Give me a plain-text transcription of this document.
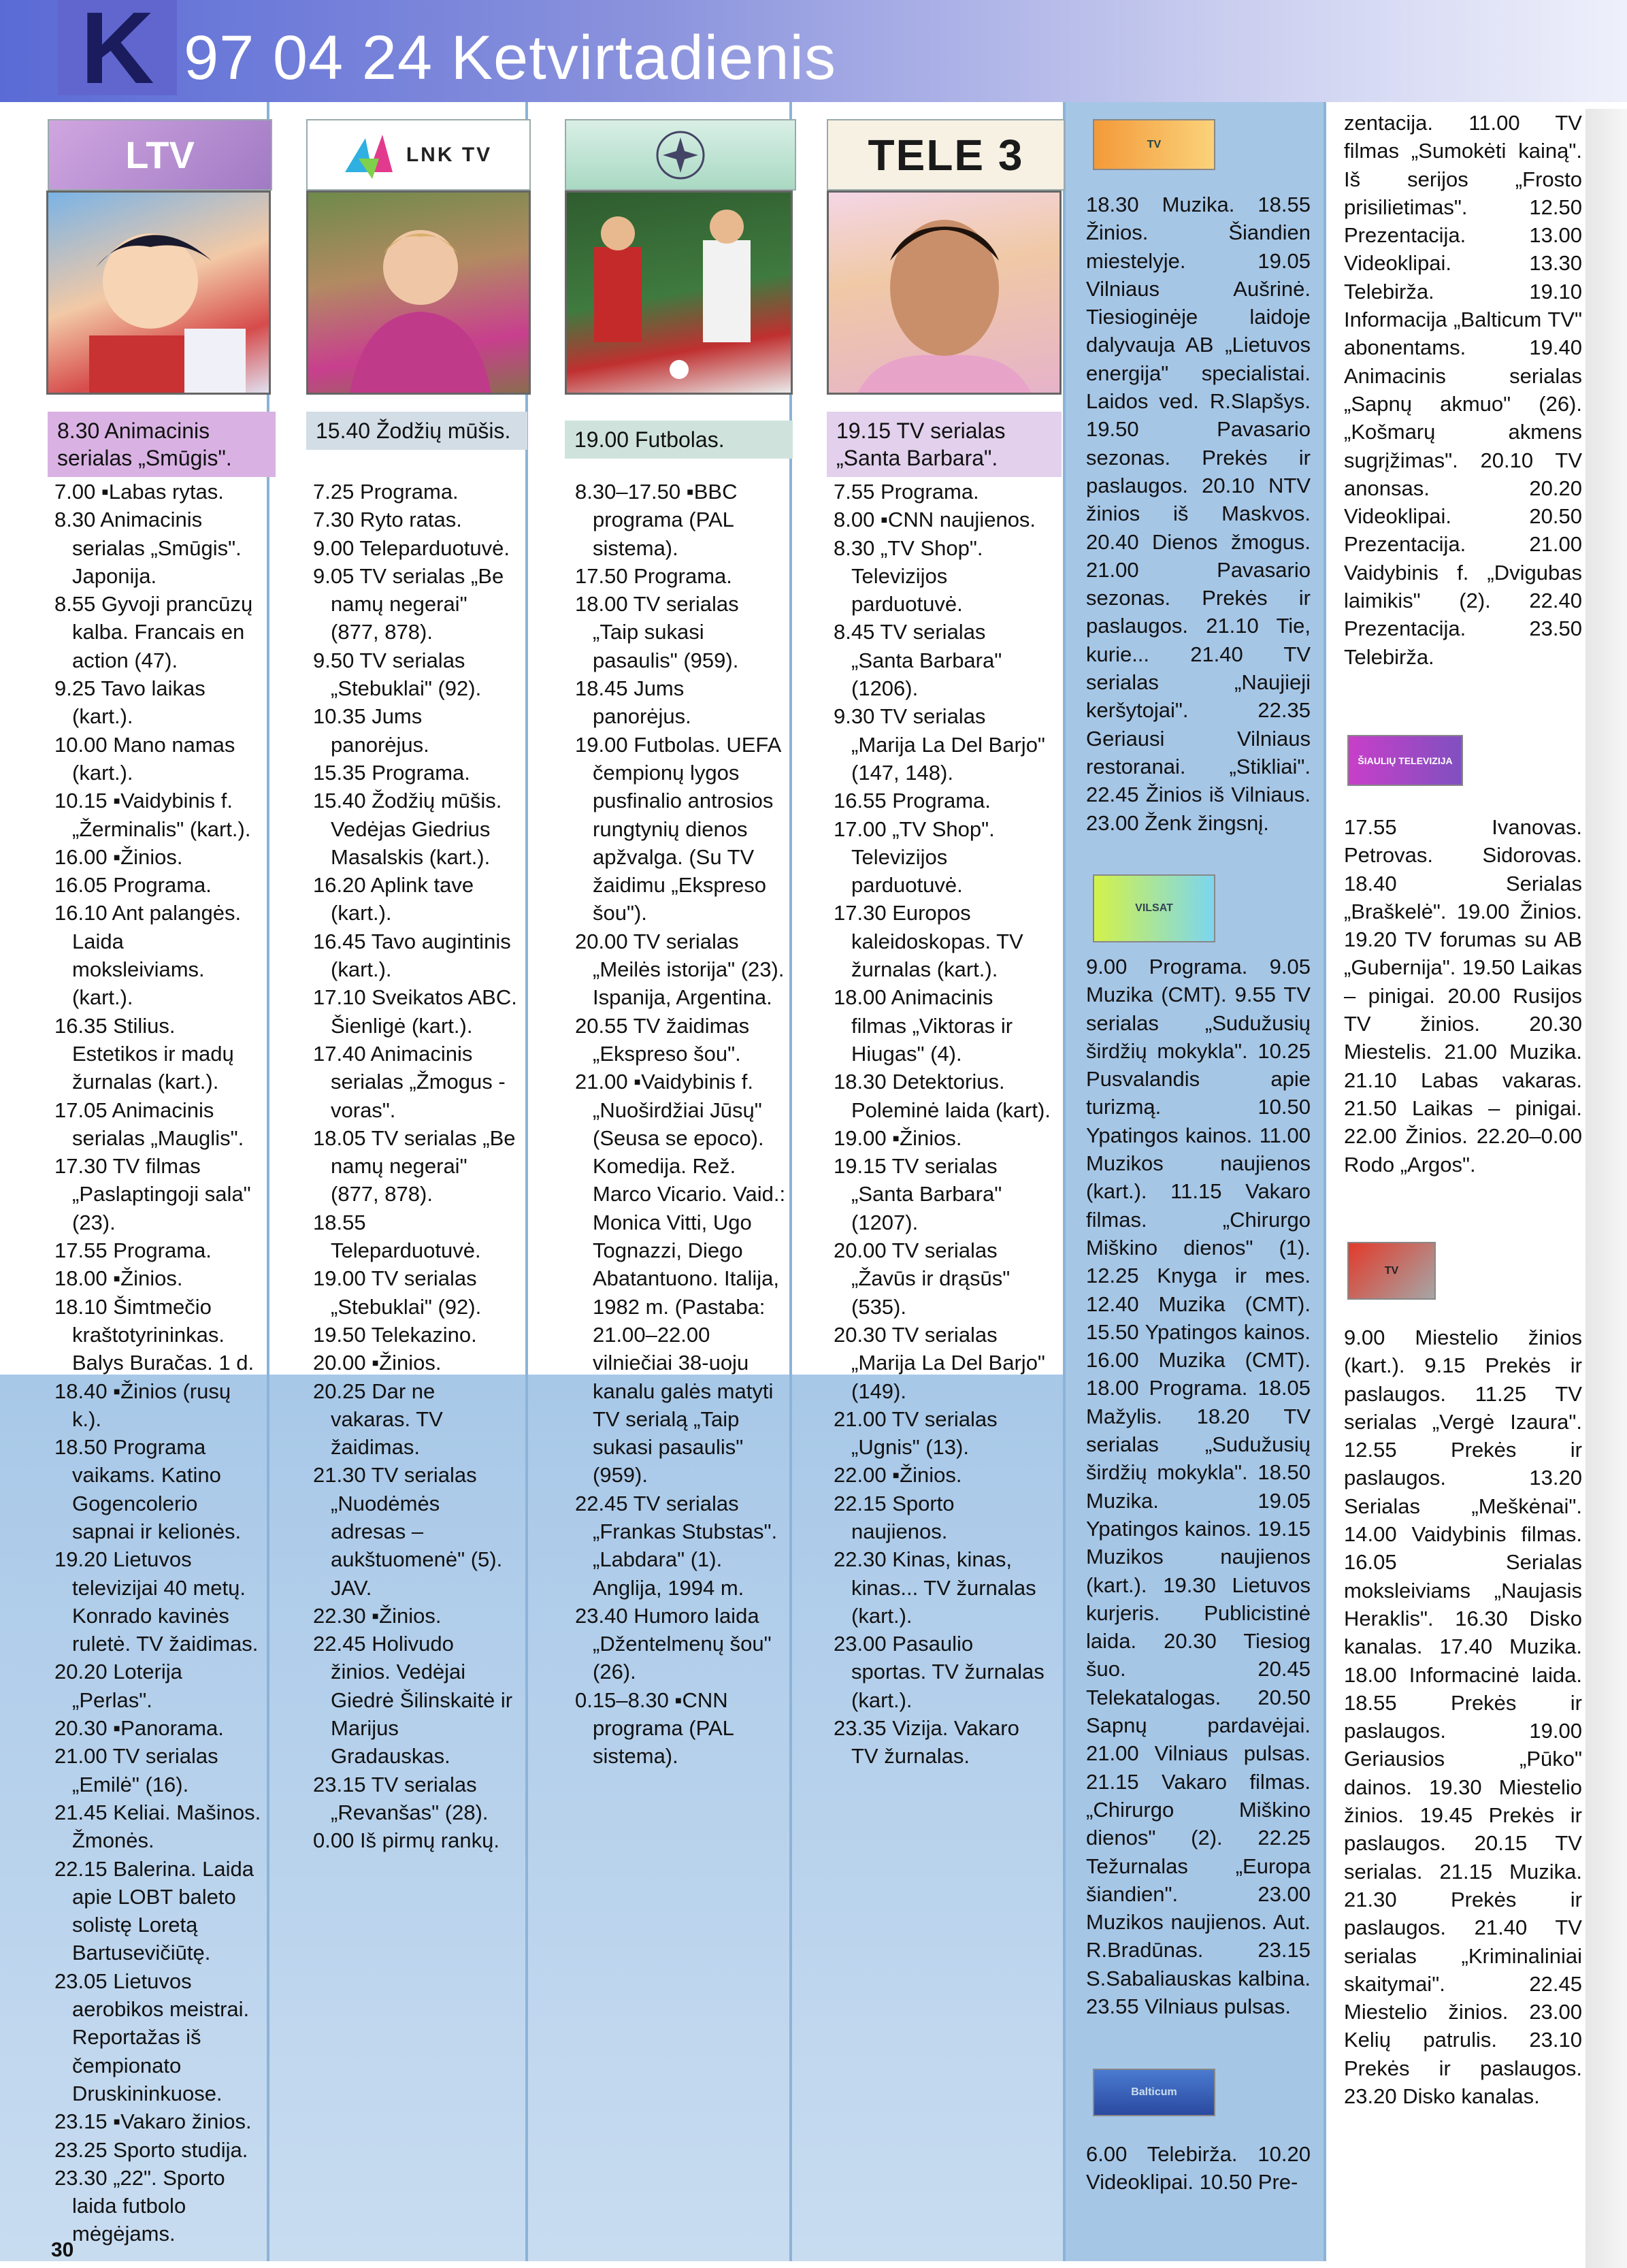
K 97 04 24 Ketvirtadienis
LTV
8.30 Animacinis serialas „Smūgis".
7.00 ▪Labas rytas.
8.30 Animacinis serialas „Smūgis". Japonija.
8.55 Gyvoji prancūzų kalba. Francais en action (47).
9.25 Tavo laikas (kart.).
10.00 Mano namas (kart.).
10.15 ▪Vaidybinis f. „Žerminalis" (kart.).
16.00 ▪Žinios.
16.05 Programa.
16.10 Ant palangės. Laida moksleiviams. (kart.).
16.35 Stilius. Estetikos ir madų žurnalas (kart.).
17.05 Animacinis serialas „Mauglis".
17.30 TV filmas „Paslaptingoji sala" (23).
17.55 Programa.
18.00 ▪Žinios.
18.10 Šimtmečio kraštotyrininkas. Balys Buračas. 1 d.
18.40 ▪Žinios (rusų k.).
18.50 Programa vaikams. Katino Gogencolerio sapnai ir kelionės.
19.20 Lietuvos televizijai 40 metų. Konrado kavinės ruletė. TV žaidimas.
20.20 Loterija „Perlas".
20.30 ▪Panorama.
21.00 TV serialas „Emilė" (16).
21.45 Keliai. Mašinos. Žmonės.
22.15 Balerina. Laida apie LOBT baleto solistę Loretą Bartusevičiūtę.
23.05 Lietuvos aerobikos meistrai. Reportažas iš čempionato Druskininkuose.
23.15 ▪Vakaro žinios.
23.25 Sporto studija.
23.30 „22". Sporto laida futbolo mėgėjams.
LNK TV
15.40 Žodžių mūšis.
7.25 Programa.
7.30 Ryto ratas.
9.00 Teleparduotuvė.
9.05 TV serialas „Be namų negerai" (877, 878).
9.50 TV serialas „Stebuklai" (92).
10.35 Jums panorėjus.
15.35 Programa.
15.40 Žodžių mūšis. Vedėjas Giedrius Masalskis (kart.).
16.20 Aplink tave (kart.).
16.45 Tavo augintinis (kart.).
17.10 Sveikatos ABC. Šienligė (kart.).
17.40 Animacinis serialas „Žmogus - voras".
18.05 TV serialas „Be namų negerai" (877, 878).
18.55 Teleparduotuvė.
19.00 TV serialas „Stebuklai" (92).
19.50 Telekazino.
20.00 ▪Žinios.
20.25 Dar ne vakaras. TV žaidimas.
21.30 TV serialas „Nuodėmės adresas – aukštuomenė" (5). JAV.
22.30 ▪Žinios.
22.45 Holivudo žinios. Vedėjai Giedrė Šilinskaitė ir Marijus Gradauskas.
23.15 TV serialas „Revanšas" (28).
0.00 Iš pirmų rankų.
19.00 Futbolas.
8.30–17.50 ▪BBC programa (PAL sistema).
17.50 Programa.
18.00 TV serialas „Taip sukasi pasaulis" (959).
18.45 Jums panorėjus.
19.00 Futbolas. UEFA čempionų lygos pusfinalio antrosios rungtynių dienos apžvalga. (Su TV žaidimu „Ekspreso šou").
20.00 TV serialas „Meilės istorija" (23). Ispanija, Argentina.
20.55 TV žaidimas „Ekspreso šou".
21.00 ▪Vaidybinis f. „Nuoširdžiai Jūsų" (Seusa se epoco). Komedija. Rež. Marco Vicario. Vaid.: Monica Vitti, Ugo Tognazzi, Diego Abatantuono. Italija, 1982 m. (Pastaba: 21.00–22.00 vilniečiai 38-uoju kanalu galės matyti TV serialą „Taip sukasi pasaulis" (959).
22.45 TV serialas „Frankas Stubstas". „Labdara" (1). Anglija, 1994 m.
23.40 Humoro laida „Džentelmenų šou" (26).
0.15–8.30 ▪CNN programa (PAL sistema).
TELE 3
19.15 TV serialas „Santa Barbara".
7.55 Programa.
8.00 ▪CNN naujienos.
8.30 „TV Shop". Televizijos parduotuvė.
8.45 TV serialas „Santa Barbara" (1206).
9.30 TV serialas „Marija La Del Barjo" (147, 148).
16.55 Programa.
17.00 „TV Shop". Televizijos parduotuvė.
17.30 Europos kaleidoskopas. TV žurnalas (kart.).
18.00 Animacinis filmas „Viktoras ir Hiugas" (4).
18.30 Detektorius. Poleminė laida (kart).
19.00 ▪Žinios.
19.15 TV serialas „Santa Barbara" (1207).
20.00 TV serialas „Žavūs ir drąsūs" (535).
20.30 TV serialas „Marija La Del Barjo" (149).
21.00 TV serialas „Ugnis" (13).
22.00 ▪Žinios.
22.15 Sporto naujienos.
22.30 Kinas, kinas, kinas... TV žurnalas (kart.).
23.00 Pasaulio sportas. TV žurnalas (kart.).
23.35 Vizija. Vakaro TV žurnalas.
TV
18.30 Muzika. 18.55 Žinios. Šiandien miestelyje. 19.05 Vilniaus Aušrinė. Tiesioginėje laidoje dalyvauja AB „Lietuvos energija" specialistai. Laidos ved. R.Slapšys. 19.50 Pavasario sezonas. Prekės ir paslaugos. 20.10 NTV žinios iš Maskvos. 20.40 Dienos žmogus. 21.00 Pavasario sezonas. Prekės ir paslaugos. 21.10 Tie, kurie... 21.40 TV serialas „Naujieji keršytojai". 22.35 Geriausi Vilniaus restoranai. „Stikliai". 22.45 Žinios iš Vilniaus. 23.00 Ženk žingsnį.
VILSAT
9.00 Programa. 9.05 Muzika (CMT). 9.55 TV serialas „Sudužusių širdžių mokykla". 10.25 Pusvalandis apie turizmą. 10.50 Ypatingos kainos. 11.00 Muzikos naujienos (kart.). 11.15 Vakaro filmas. „Chirurgo Miškino dienos" (1). 12.25 Knyga ir mes. 12.40 Muzika (CMT). 15.50 Ypatingos kainos. 16.00 Muzika (CMT). 18.00 Programa. 18.05 Mažylis. 18.20 TV serialas „Sudužusių širdžių mokykla". 18.50 Muzika. 19.05 Ypatingos kainos. 19.15 Muzikos naujienos (kart.). 19.30 Lietuvos kurjeris. Publicistinė laida. 20.30 Tiesiog šuo. 20.45 Telekatalogas. 20.50 Sapnų pardavėjai. 21.00 Vilniaus pulsas. 21.15 Vakaro filmas. „Chirurgo Miškino dienos" (2). 22.25 Težurnalas „Europa šiandien". 23.00 Muzikos naujienos. Aut. R.Bradūnas. 23.15 S.Sabaliauskas kalbina. 23.55 Vilniaus pulsas.
Balticum
6.00 Telebirža. 10.20 Videoklipai. 10.50 Pre-
zentacija. 11.00 TV filmas „Sumokėti kainą". Iš serijos „Frosto prisilietimas". 12.50 Prezentacija. 13.00 Videoklipai. 13.30 Telebirža. 19.10 Informacija „Balticum TV" abonentams. 19.40 Animacinis serialas „Sapnų akmuo" (26). „Košmarų akmens sugrįžimas". 20.10 TV anonsas. 20.20 Videoklipai. 20.50 Prezentacija. 21.00 Vaidybinis f. „Dvigubas laimikis" (2). 22.40 Prezentacija. 23.50 Telebirža.
ŠIAULIŲ TELEVIZIJA
17.55 Ivanovas. Petrovas. Sidorovas. 18.40 Serialas „Braškelė". 19.00 Žinios. 19.20 TV forumas su AB „Gubernija". 19.50 Laikas – pinigai. 20.00 Rusijos TV žinios. 20.30 Miestelis. 21.00 Muzika. 21.10 Labas vakaras. 21.50 Laikas – pinigai. 22.00 Žinios. 22.20–0.00 Rodo „Argos".
TV
9.00 Miestelio žinios (kart.). 9.15 Prekės ir paslaugos. 11.25 TV serialas „Vergė Izaura". 12.55 Prekės ir paslaugos. 13.20 Serialas „Meškėnai". 14.00 Vaidybinis filmas. 16.05 Serialas moksleiviams „Naujasis Heraklis". 16.30 Disko kanalas. 17.40 Muzika. 18.00 Informacinė laida. 18.55 Prekės ir paslaugos. 19.00 Geriausios „Pūko" dainos. 19.30 Miestelio žinios. 19.45 Prekės ir paslaugos. 20.15 TV serialas. 21.15 Muzika. 21.30 Prekės ir paslaugos. 21.40 TV serialas „Kriminaliniai skaitymai". 22.45 Miestelio žinios. 23.00 Kelių patrulis. 23.10 Prekės ir paslaugos. 23.20 Disko kanalas.
30
